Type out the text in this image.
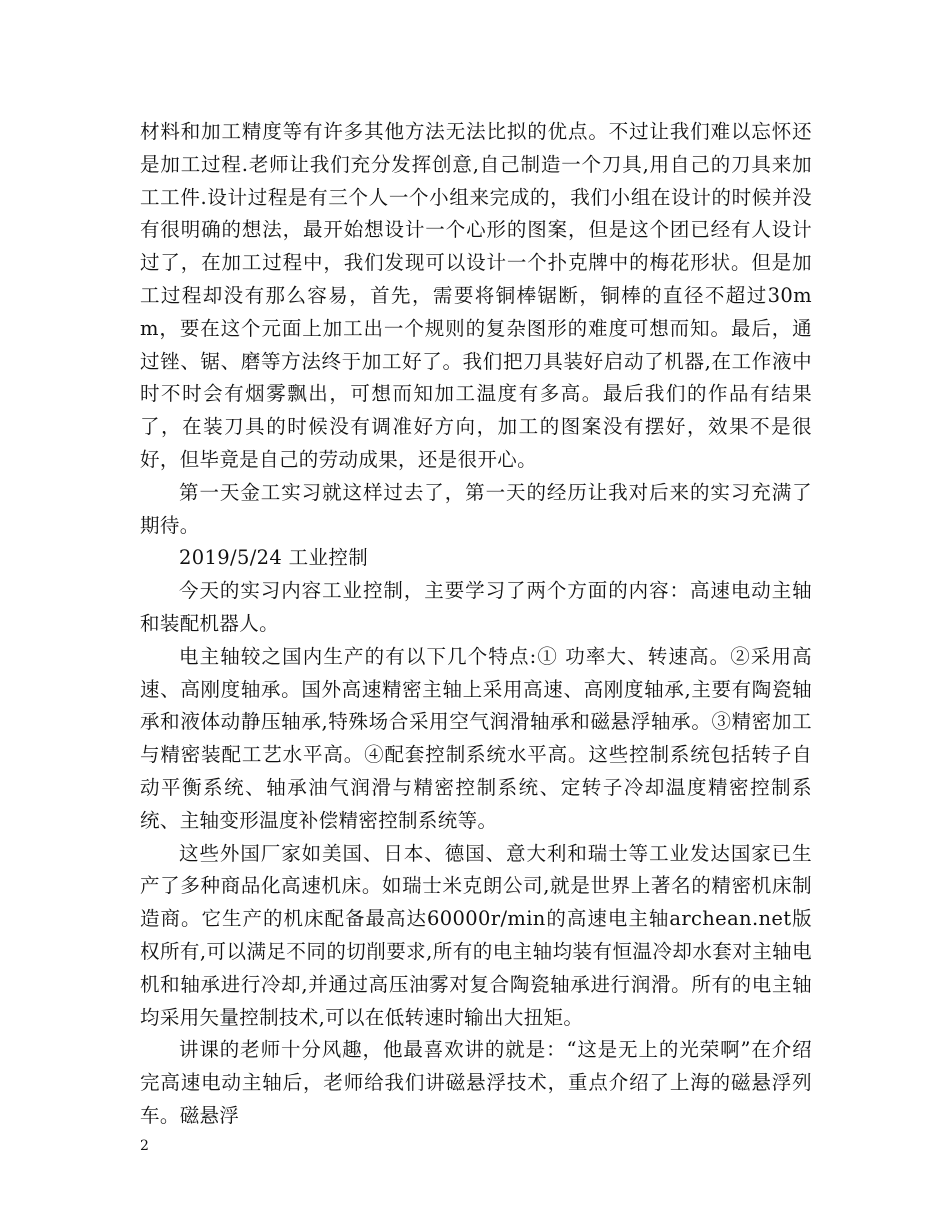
材料和加工精度等有许多其他方法无法比拟的优点。不过让我们难以忘怀还是加工过程.老师让我们充分发挥创意,自己制造一个刀具,用自己的刀具来加工工件.设计过程是有三个人一个小组来完成的，我们小组在设计的时候并没有很明确的想法，最开始想设计一个心形的图案，但是这个团已经有人设计过了，在加工过程中，我们发现可以设计一个扑克牌中的梅花形状。但是加工过程却没有那么容易，首先，需要将铜棒锯断，铜棒的直径不超过30mm，要在这个元面上加工出一个规则的复杂图形的难度可想而知。最后，通过锉、锯、磨等方法终于加工好了。我们把刀具装好启动了机器,在工作液中时不时会有烟雾飘出，可想而知加工温度有多高。最后我们的作品有结果了，在装刀具的时候没有调准好方向，加工的图案没有摆好，效果不是很好，但毕竟是自己的劳动成果，还是很开心。

第一天金工实习就这样过去了，第一天的经历让我对后来的实习充满了期待。

2019/5/24 工业控制

今天的实习内容工业控制，主要学习了两个方面的内容：高速电动主轴和装配机器人。

电主轴较之国内生产的有以下几个特点:① 功率大、转速高。②采用高速、高刚度轴承。国外高速精密主轴上采用高速、高刚度轴承,主要有陶瓷轴承和液体动静压轴承,特殊场合采用空气润滑轴承和磁悬浮轴承。③精密加工与精密装配工艺水平高。④配套控制系统水平高。这些控制系统包括转子自动平衡系统、轴承油气润滑与精密控制系统、定转子冷却温度精密控制系统、主轴变形温度补偿精密控制系统等。

这些外国厂家如美国、日本、德国、意大利和瑞士等工业发达国家已生产了多种商品化高速机床。如瑞士米克朗公司,就是世界上著名的精密机床制造商。它生产的机床配备最高达60000r/min的高速电主轴archean.net版权所有,可以满足不同的切削要求,所有的电主轴均装有恒温冷却水套对主轴电机和轴承进行冷却,并通过高压油雾对复合陶瓷轴承进行润滑。所有的电主轴均采用矢量控制技术,可以在低转速时输出大扭矩。

讲课的老师十分风趣，他最喜欢讲的就是：“这是无上的光荣啊”在介绍完高速电动主轴后，老师给我们讲磁悬浮技术，重点介绍了上海的磁悬浮列车。磁悬浮

2
